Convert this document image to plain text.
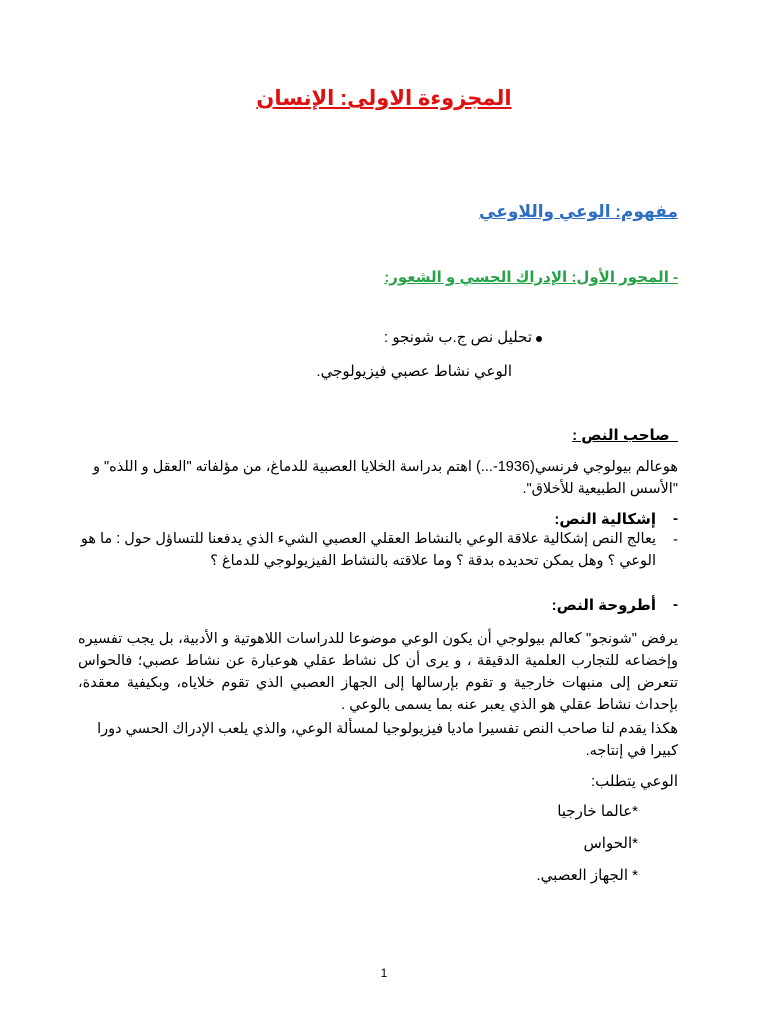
المجزوءة الاولى: الإنسان
مفهوم: الوعي واللاوعي
- المحور الأول: الإدراك الحسي و الشعور:
تحليل نص ج.ب شونجو :
الوعي نشاط عصبي فيزيولوجي.
_صاحب النص :
هوعالم بيولوجي فرنسي(1936-...) اهتم بدراسة الخلايا العصبية للدماغ، من مؤلفاته "العقل و اللذه" و "الأسس الطبيعية للأخلاق".
-
إشكالية النص:
-
يعالج النص إشكالية علاقة الوعي بالنشاط العقلي العصبي الشيء الذي يدفعنا للتساؤل حول : ما هو الوعي ؟ وهل يمكن تحديده بدقة ؟ وما علاقته بالنشاط الفيزيولوجي للدماغ ؟
-
أطروحة النص:
يرفض "شونجو" كعالم بيولوجي أن يكون الوعي موضوعا للدراسات اللاهوتية و الأدبية، بل يجب تفسيره وإخضاعه للتجارب العلمية الدقيقة ، و يرى أن كل نشاط عقلي هوعبارة عن نشاط عصبي؛ فالحواس تتعرض إلى منبهات خارجية و تقوم بإرسالها إلى الجهاز العصبي الذي تقوم خلاياه، وبكيفية معقدة، بإحداث نشاط عقلي هو الذي يعبر عنه بما يسمى بالوعي .
هكذا يقدم لنا صاحب النص تفسيرا ماديا فيزيولوجيا لمسألة الوعي، والذي يلعب الإدراك الحسي دورا كبيرا في إنتاجه.
الوعي يتطلب:
*عالما خارجيا
*الحواس
* الجهاز العصبي.
1
